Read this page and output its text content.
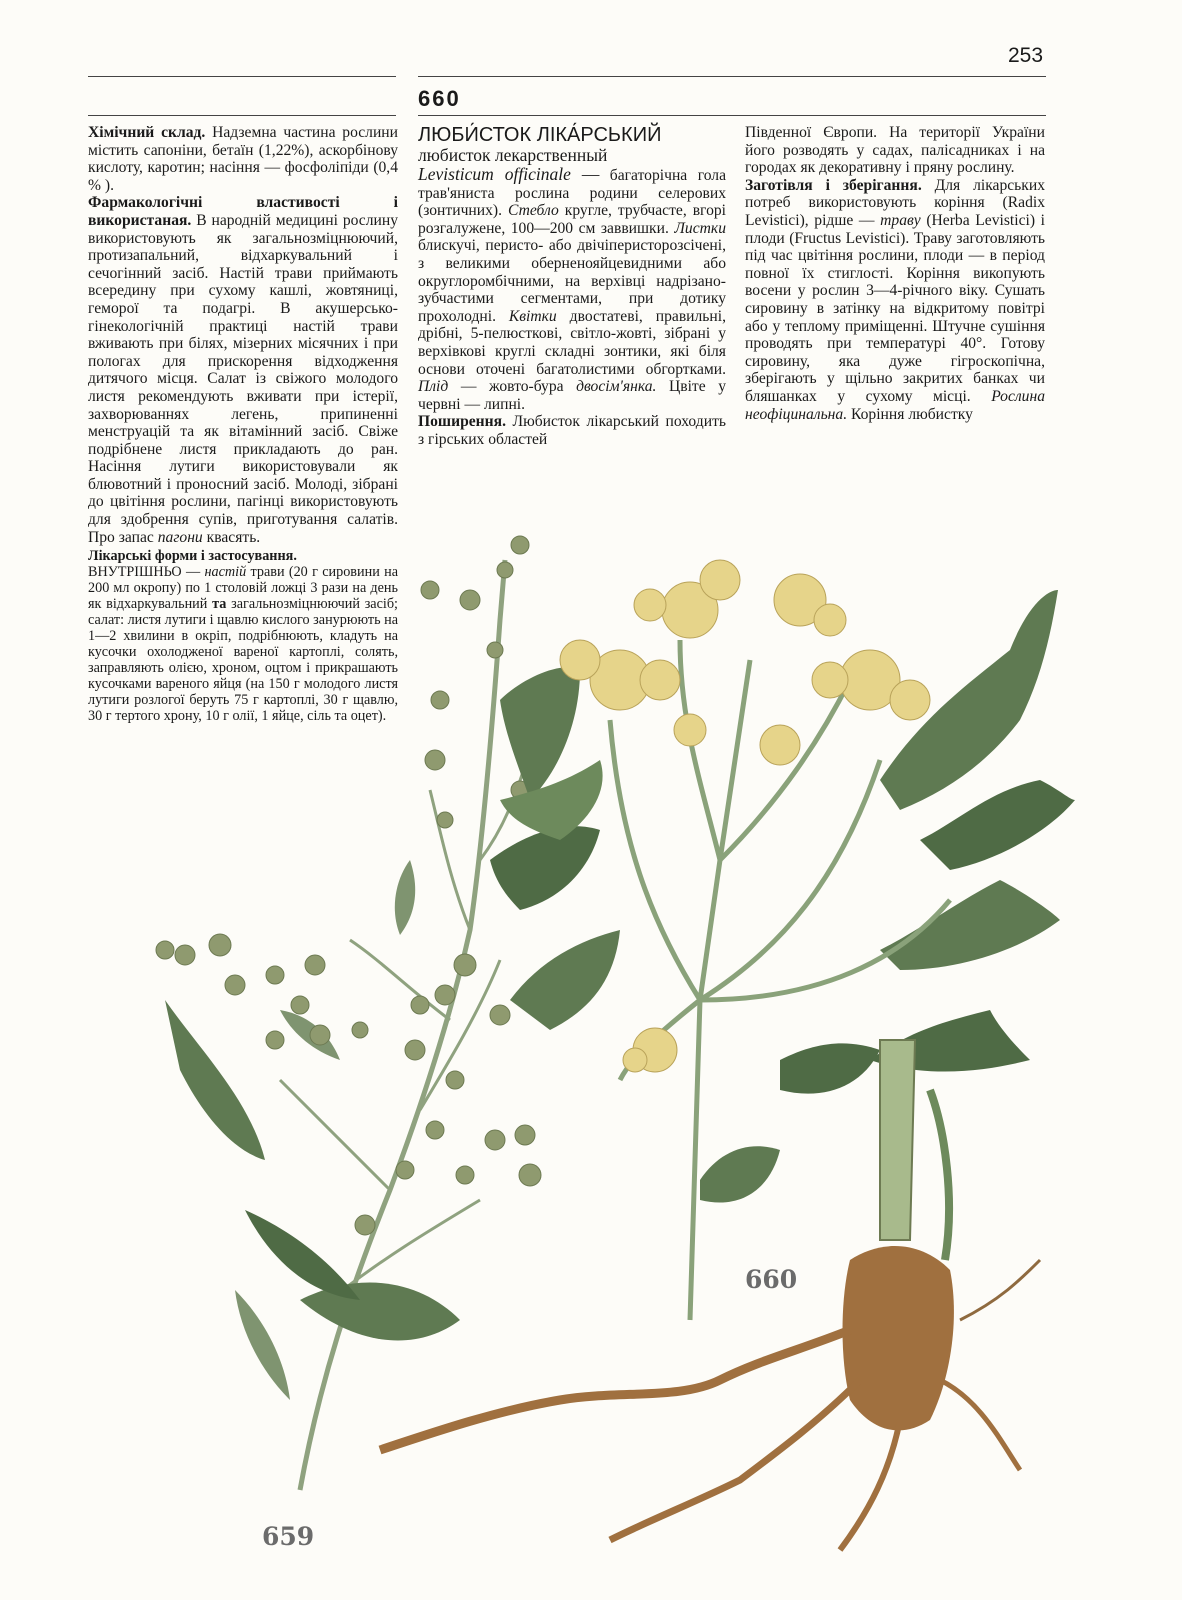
253
660

Хімічний склад. Надземна частина рослини містить сапоніни, бетаїн (1,22%), аскорбінову кислоту, каротин; насіння — фосфоліпіди (0,4 % ).

Фармакологічні властивості і використаная. В народній медицині рослину використовують як загальнозміцнюючий, протизапальний, відхаркувальний і сечогінний засіб. Настій трави приймають всередину при сухому кашлі, жовтяниці, геморої та подагрі. В акушерсько-гінекологічній практиці настій трави вживають при білях, мізерних місячних і при пологах для прискорення відходження дитячого місця. Салат із свіжого молодого листя рекомендують вживати при істерії, захворюваннях легень, припиненні менструацій та як вітамінний засіб. Свіже подрібнене листя прикладають до ран. Насіння лутиги використовували як блювотний і проносний засіб. Молоді, зібрані до цвітіння рослини, пагінці використовують для здобрення супів, приготування салатів. Про запас пагони квасять.

Лікарські форми і застосування.
ВНУТРІШНЬО — настій трави (20 г сировини на 200 мл окропу) по 1 столовій ложці 3 рази на день як відхаркувальний та загальнозміцнюючий засіб; салат: листя лутиги і щавлю кислого занурюють на 1—2 хвилини в окріп, подрібнюють, кладуть на кусочки охолодженої вареної картоплі, солять, заправляють олією, хроном, оцтом і прикрашають кусочками вареного яйця (на 150 г молодого листя лутиги розлогої беруть 75 г картоплі, 30 г щавлю, 30 г тертого хрону, 10 г олії, 1 яйце, сіль та оцет).

ЛЮБИ́СТОК ЛІКА́РСЬКИЙ

любисток лекарственный

Levisticum officinale — багаторічна гола трав'яниста рослина родини селерових (зонтичних). Стебло кругле, трубчасте, вгорі розгалужене, 100—200 см заввишки. Листки блискучі, перисто- або двічіперисторозсічені, з великими оберненояйцевидними або округлоромбічними, на верхівці надрізано-зубчастими сегментами, при дотику прохолодні. Квітки двостатеві, правильні, дрібні, 5-пелюсткові, світло-жовті, зібрані у верхівкові круглі складні зонтики, які біля основи оточені багатолистими обгортками. Плід — жовто-бура двосім'янка. Цвіте у червні — липні.

Поширення. Любисток лікарський походить з гірських областей

Південної Європи. На території України його розводять у садах, палісадниках і на городах як декоративну і пряну рослину.

Заготівля і зберігання. Для лікарських потреб використовують коріння (Radix Levistici), рідше — траву (Herba Levistici) і плоди (Fructus Levistici). Траву заготовляють під час цвітіння рослини, плоди — в період повної їх стиглості. Коріння викопують восени у рослин 3—4-річного віку. Сушать сировину в затінку на відкритому повітрі або у теплому приміщенні. Штучне сушіння проводять при температурі 40°. Готову сировину, яка дуже гігроскопічна, зберігають у щільно закритих банках чи бляшанках у сухому місці. Рослина неофіцинальна. Коріння любистку

660
659
